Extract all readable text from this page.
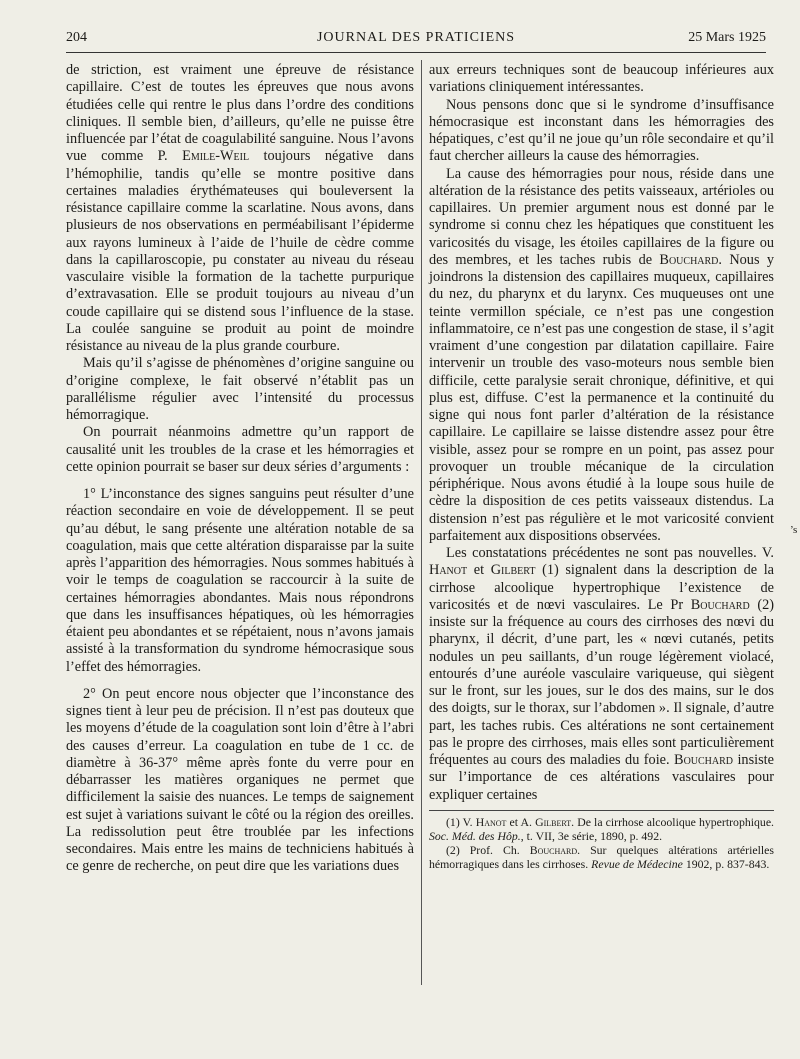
204	JOURNAL DES PRATICIENS	25 Mars 1925

de striction, est vraiment une épreuve de résistance capillaire. C’est de toutes les épreuves que nous avons étudiées celle qui rentre le plus dans l’ordre des conditions cliniques. Il semble bien, d’ailleurs, qu’elle ne puisse être influencée par l’état de coagulabilité sanguine. Nous l’avons vue comme P. Emile-Weil toujours négative dans l’hémophilie, tandis qu’elle se montre positive dans certaines maladies érythémateuses qui bouleversent la résistance capillaire comme la scarlatine. Nous avons, dans plusieurs de nos observations en perméabilisant l’épiderme aux rayons lumineux à l’aide de l’huile de cèdre comme dans la capillaroscopie, pu constater au niveau du réseau vasculaire visible la formation de la tachette purpurique d’extravasation. Elle se produit toujours au niveau d’un coude capillaire qui se distend sous l’influence de la stase. La coulée sanguine se produit au point de moindre résistance au niveau de la plus grande courbure.

Mais qu’il s’agisse de phénomènes d’origine sanguine ou d’origine complexe, le fait observé n’établit pas un parallélisme régulier avec l’intensité du processus hémorragique.

On pourrait néanmoins admettre qu’un rapport de causalité unit les troubles de la crase et les hémorragies et cette opinion pourrait se baser sur deux séries d’arguments :

1° L’inconstance des signes sanguins peut résulter d’une réaction secondaire en voie de développement. Il se peut qu’au début, le sang présente une altération notable de sa coagulation, mais que cette altération disparaisse par la suite après l’apparition des hémorragies. Nous sommes habitués à voir le temps de coagulation se raccourcir à la suite de certaines hémorragies abondantes. Mais nous répondrons que dans les insuffisances hépatiques, où les hémorragies étaient peu abondantes et se répétaient, nous n’avons jamais assisté à la transformation du syndrome hémocrasique sous l’effet des hémorragies.

2° On peut encore nous objecter que l’inconstance des signes tient à leur peu de précision. Il n’est pas douteux que les moyens d’étude de la coagulation sont loin d’être à l’abri des causes d’erreur. La coagulation en tube de 1 cc. de diamètre à 36-37° même après fonte du verre pour en débarrasser les matières organiques ne permet que difficilement la saisie des nuances. Le temps de saignement est sujet à variations suivant le côté ou la région des oreilles. La redissolution peut être troublée par les infections secondaires. Mais entre les mains de techniciens habitués à ce genre de recherche, on peut dire que les variations dues

aux erreurs techniques sont de beaucoup inférieures aux variations cliniquement intéressantes.

Nous pensons donc que si le syndrome d’insuffisance hémocrasique est inconstant dans les hémorragies des hépatiques, c’est qu’il ne joue qu’un rôle secondaire et qu’il faut chercher ailleurs la cause des hémorragies.

La cause des hémorragies pour nous, réside dans une altération de la résistance des petits vaisseaux, artérioles ou capillaires. Un premier argument nous est donné par le syndrome si connu chez les hépatiques que constituent les varicosités du visage, les étoiles capillaires de la figure ou des membres, et les taches rubis de Bouchard. Nous y joindrons la distension des capillaires muqueux, capillaires du nez, du pharynx et du larynx. Ces muqueuses ont une teinte vermillon spéciale, ce n’est pas une congestion inflammatoire, ce n’est pas une congestion de stase, il s’agit vraiment d’une congestion par dilatation capillaire. Faire intervenir un trouble des vaso-moteurs nous semble bien difficile, cette paralysie serait chronique, définitive, et qui plus est, diffuse. C’est la permanence et la continuité du signe qui nous font parler d’altération de la résistance capillaire. Le capillaire se laisse distendre assez pour être visible, assez pour se rompre en un point, pas assez pour provoquer un trouble mécanique de la circulation périphérique. Nous avons étudié à la loupe sous huile de cèdre la disposition de ces petits vaisseaux distendus. La distension n’est pas régulière et le mot varicosité convient parfaitement aux dispositions observées.

Les constatations précédentes ne sont pas nouvelles. V. Hanot et Gilbert (1) signalent dans la description de la cirrhose alcoolique hypertrophique l’existence de varicosités et de nœvi vasculaires. Le Pr Bouchard (2) insiste sur la fréquence au cours des cirrhoses des nœvi du pharynx, il décrit, d’une part, les « nœvi cutanés, petits nodules un peu saillants, d’un rouge légèrement violacé, entourés d’une auréole vasculaire variqueuse, qui siègent sur le front, sur les joues, sur le dos des mains, sur le dos des doigts, sur le thorax, sur l’abdomen ». Il signale, d’autre part, les taches rubis. Ces altérations ne sont certainement pas le propre des cirrhoses, mais elles sont particulièrement fréquentes au cours des maladies du foie. Bouchard insiste sur l’importance de ces altérations vasculaires pour expliquer certaines

(1) V. Hanot et A. Gilbert. De la cirrhose alcoolique hypertrophique. Soc. Méd. des Hôp., t. VII, 3e série, 1890, p. 492.

(2) Prof. Ch. Bouchard. Sur quelques altérations artérielles hémorragiques dans les cirrhoses. Revue de Médecine 1902, p. 837-843.

’s
